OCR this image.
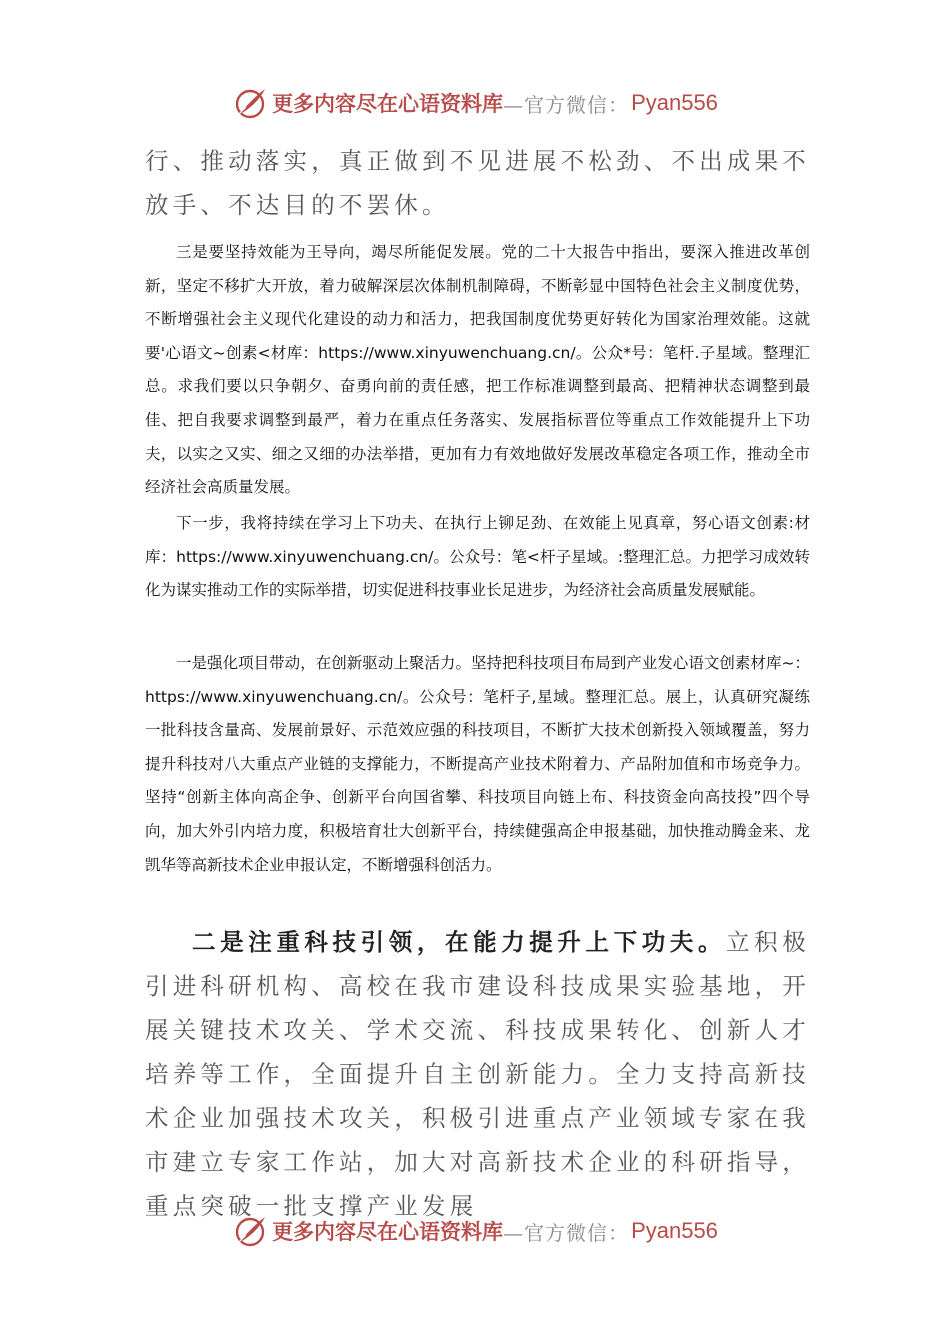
更多内容尽在心语资料库 —官方微信： Pyan556

行、推动落实，真正做到不见进展不松劲、不出成果不放手、不达目的不罢休。

三是要坚持效能为王导向，竭尽所能促发展。党的二十大报告中指出，要深入推进改革创新，坚定不移扩大开放，着力破解深层次体制机制障碍，不断彰显中国特色社会主义制度优势，不断增强社会主义现代化建设的动力和活力，把我国制度优势更好转化为国家治理效能。这就要'心语文~创素<材库：https://www.xinyuwenchuang.cn/。公众*号：笔杆.子星域。整理汇总。求我们要以只争朝夕、奋勇向前的责任感，把工作标准调整到最高、把精神状态调整到最佳、把自我要求调整到最严，着力在重点任务落实、发展指标晋位等重点工作效能提升上下功夫，以实之又实、细之又细的办法举措，更加有力有效地做好发展改革稳定各项工作，推动全市经济社会高质量发展。

下一步，我将持续在学习上下功夫、在执行上铆足劲、在效能上见真章，努心语文创素:材库：https://www.xinyuwenchuang.cn/。公众号：笔<杆子星域。:整理汇总。力把学习成效转化为谋实推动工作的实际举措，切实促进科技事业长足进步，为经济社会高质量发展赋能。

一是强化项目带动，在创新驱动上聚活力。坚持把科技项目布局到产业发心语文创素材库~：https://www.xinyuwenchuang.cn/。公众号：笔杆子,星域。整理汇总。展上，认真研究凝练一批科技含量高、发展前景好、示范效应强的科技项目，不断扩大技术创新投入领域覆盖，努力提升科技对八大重点产业链的支撑能力，不断提高产业技术附着力、产品附加值和市场竞争力。坚持“创新主体向高企争、创新平台向国省攀、科技项目向链上布、科技资金向高技投”四个导向，加大外引内培力度，积极培育壮大创新平台，持续健强高企申报基础，加快推动腾金来、龙凯华等高新技术企业申报认定，不断增强科创活力。

二是注重科技引领，在能力提升上下功夫。立积极引进科研机构、高校在我市建设科技成果实验基地，开展关键技术攻关、学术交流、科技成果转化、创新人才培养等工作，全面提升自主创新能力。全力支持高新技术企业加强技术攻关，积极引进重点产业领域专家在我市建立专家工作站，加大对高新技术企业的科研指导，重点突破一批支撑产业发展

更多内容尽在心语资料库 —官方微信： Pyan556
